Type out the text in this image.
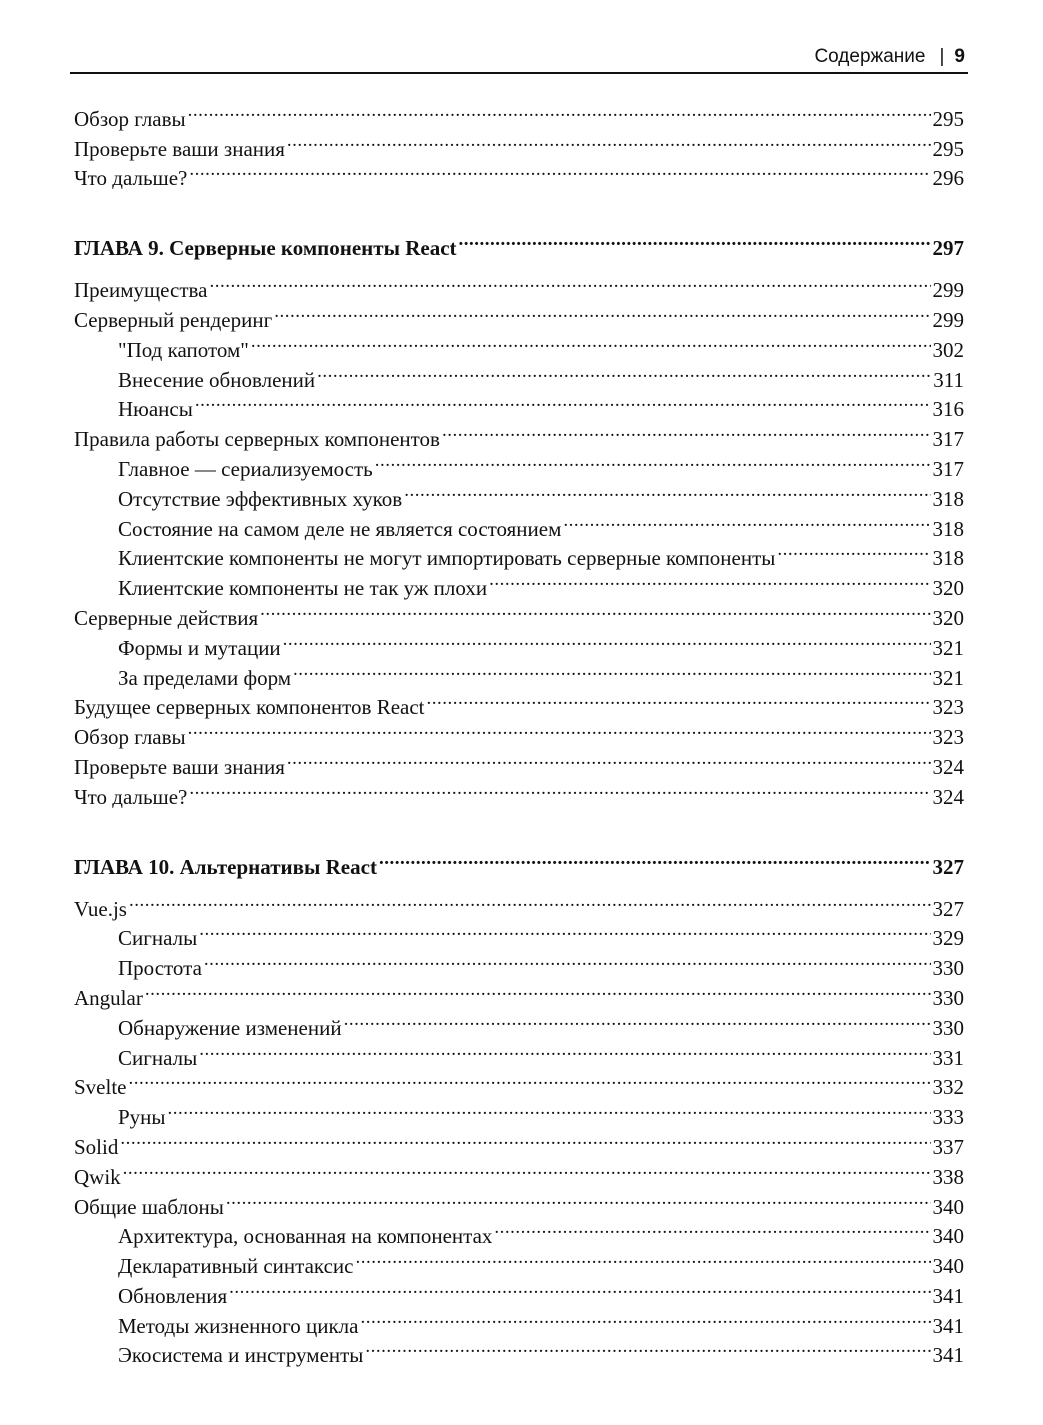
Содержание | 9
Обзор главы .....	295
Проверьте ваши знания .....	295
Что дальше? .....	296
ГЛАВА 9. Серверные компоненты React .....	297
Преимущества .....	299
Серверный рендеринг .....	299
"Под капотом" .....	302
Внесение обновлений .....	311
Нюансы .....	316
Правила работы серверных компонентов .....	317
Главное — сериализуемость .....	317
Отсутствие эффективных хуков .....	318
Состояние на самом деле не является состоянием .....	318
Клиентские компоненты не могут импортировать серверные компоненты .....	318
Клиентские компоненты не так уж плохи .....	320
Серверные действия .....	320
Формы и мутации .....	321
За пределами форм .....	321
Будущее серверных компонентов React .....	323
Обзор главы .....	323
Проверьте ваши знания .....	324
Что дальше? .....	324
ГЛАВА 10. Альтернативы React .....	327
Vue.js .....	327
Сигналы .....	329
Простота .....	330
Angular .....	330
Обнаружение изменений .....	330
Сигналы .....	331
Svelte .....	332
Руны .....	333
Solid .....	337
Qwik .....	338
Общие шаблоны .....	340
Архитектура, основанная на компонентах .....	340
Декларативный синтаксис .....	340
Обновления .....	341
Методы жизненного цикла .....	341
Экосистема и инструменты .....	341
